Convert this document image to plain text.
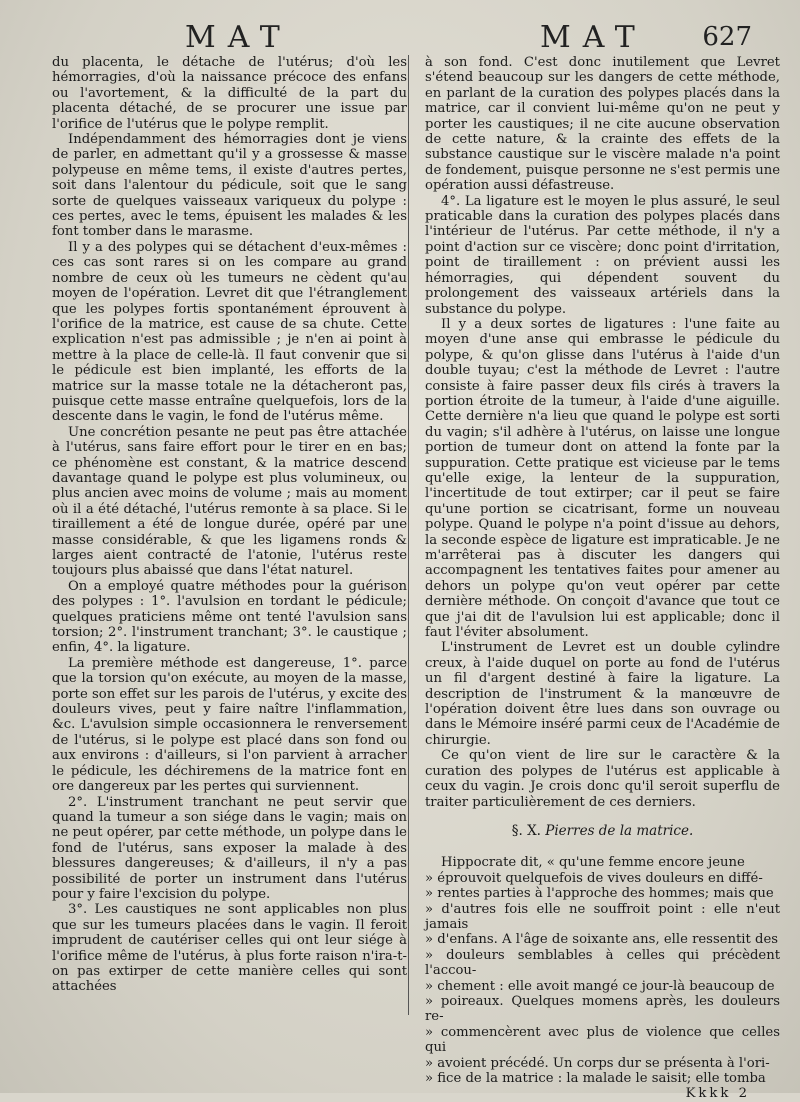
MAT	MAT 627

du placenta, le détache de l'utérus; d'où les hémorragies, d'où la naissance précoce des enfans ou l'avortement, & la difficulté de la part du placenta détaché, de se procurer une issue par l'orifice de l'utérus que le polype remplit.

Indépendamment des hémorragies dont je viens de parler, en admettant qu'il y a grossesse & masse polypeuse en même tems, il existe d'autres pertes, soit dans l'alentour du pédicule, soit que le sang sorte de quelques vaisseaux variqueux du polype : ces pertes, avec le tems, épuisent les malades & les font tomber dans le marasme.

Il y a des polypes qui se détachent d'eux-mêmes : ces cas sont rares si on les compare au grand nombre de ceux où les tumeurs ne cèdent qu'au moyen de l'opération. Levret dit que l'étranglement que les polypes fortis spontanément éprouvent à l'orifice de la matrice, est cause de sa chute. Cette explication n'est pas admissible ; je n'en ai point à mettre à la place de celle-là. Il faut convenir que si le pédicule est bien implanté, les efforts de la matrice sur la masse totale ne la détacheront pas, puisque cette masse entraîne quelquefois, lors de la descente dans le vagin, le fond de l'utérus même.

Une concrétion pesante ne peut pas être attachée à l'utérus, sans faire effort pour le tirer en en bas; ce phénomène est constant, & la matrice descend davantage quand le polype est plus volumineux, ou plus ancien avec moins de volume ; mais au moment où il a été détaché, l'utérus remonte à sa place. Si le tiraillement a été de longue durée, opéré par une masse considérable, & que les ligamens ronds & larges aient contracté de l'atonie, l'utérus reste toujours plus abaissé que dans l'état naturel.

On a employé quatre méthodes pour la guérison des polypes : 1°. l'avulsion en tordant le pédicule; quelques praticiens même ont tenté l'avulsion sans torsion; 2°. l'instrument tranchant; 3°. le caustique ; enfin, 4°. la ligature.

La première méthode est dangereuse, 1°. parce que la torsion qu'on exécute, au moyen de la masse, porte son effet sur les parois de l'utérus, y excite des douleurs vives, peut y faire naître l'inflammation, &c. L'avulsion simple occasionnera le renversement de l'utérus, si le polype est placé dans son fond ou aux environs : d'ailleurs, si l'on parvient à arracher le pédicule, les déchiremens de la matrice font en ore dangereux par les pertes qui surviennent.

2°. L'instrument tranchant ne peut servir que quand la tumeur a son siége dans le vagin; mais on ne peut opérer, par cette méthode, un polype dans le fond de l'utérus, sans exposer la malade à des blessures dangereuses; & d'ailleurs, il n'y a pas possibilité de porter un instrument dans l'utérus pour y faire l'excision du polype.

3°. Les caustiques ne sont applicables non plus que sur les tumeurs placées dans le vagin. Il feroit imprudent de cautériser celles qui ont leur siége à l'orifice même de l'utérus, à plus forte raison n'ira-t-on pas extirper de cette manière celles qui sont attachées

à son fond. C'est donc inutilement que Levret s'étend beaucoup sur les dangers de cette méthode, en parlant de la curation des polypes placés dans la matrice, car il convient lui-même qu'on ne peut y porter les caustiques; il ne cite aucune observation de cette nature, & la crainte des effets de la substance caustique sur le viscère malade n'a point de fondement, puisque personne ne s'est permis une opération aussi défastreuse.

4°. La ligature est le moyen le plus assuré, le seul praticable dans la curation des polypes placés dans l'intérieur de l'utérus. Par cette méthode, il n'y a point d'action sur ce viscère; donc point d'irritation, point de tiraillement : on prévient aussi les hémorragies, qui dépendent souvent du prolongement des vaisseaux artériels dans la substance du polype.

Il y a deux sortes de ligatures : l'une faite au moyen d'une anse qui embrasse le pédicule du polype, & qu'on glisse dans l'utérus à l'aide d'un double tuyau; c'est la méthode de Levret : l'autre consiste à faire passer deux fils cirés à travers la portion étroite de la tumeur, à l'aide d'une aiguille. Cette dernière n'a lieu que quand le polype est sorti du vagin; s'il adhère à l'utérus, on laisse une longue portion de tumeur dont on attend la fonte par la suppuration. Cette pratique est vicieuse par le tems qu'elle exige, la lenteur de la suppuration, l'incertitude de tout extirper; car il peut se faire qu'une portion se cicatrisant, forme un nouveau polype. Quand le polype n'a point d'issue au dehors, la seconde espèce de ligature est impraticable. Je ne m'arrêterai pas à discuter les dangers qui accompagnent les tentatives faites pour amener au dehors un polype qu'on veut opérer par cette dernière méthode. On conçoit d'avance que tout ce que j'ai dit de l'avulsion lui est applicable; donc il faut l'éviter absolument.

L'instrument de Levret est un double cylindre creux, à l'aide duquel on porte au fond de l'utérus un fil d'argent destiné à faire la ligature. La description de l'instrument & la manœuvre de l'opération doivent être lues dans son ouvrage ou dans le Mémoire inséré parmi ceux de l'Académie de chirurgie.

Ce qu'on vient de lire sur le caractère & la curation des polypes de l'utérus est applicable à ceux du vagin. Je crois donc qu'il seroit superflu de traiter particulièrement de ces derniers.

§. X. Pierres de la matrice.
Hippocrate dit, « qu'une femme encore jeune
» éprouvoit quelquefois de vives douleurs en diffé-
» rentes parties à l'approche des hommes; mais que
» d'autres fois elle ne souffroit point : elle n'eut jamais
» d'enfans. A l'âge de soixante ans, elle ressentit des
» douleurs semblables à celles qui précèdent l'accou-
» chement : elle avoit mangé ce jour-là beaucoup de
» poireaux. Quelques momens après, les douleurs re-
» commencèrent avec plus de violence que celles qui
» avoient précédé. Un corps dur se présenta à l'ori-
» fice de la matrice : la malade le saisit; elle tomba
Kkkk 2
